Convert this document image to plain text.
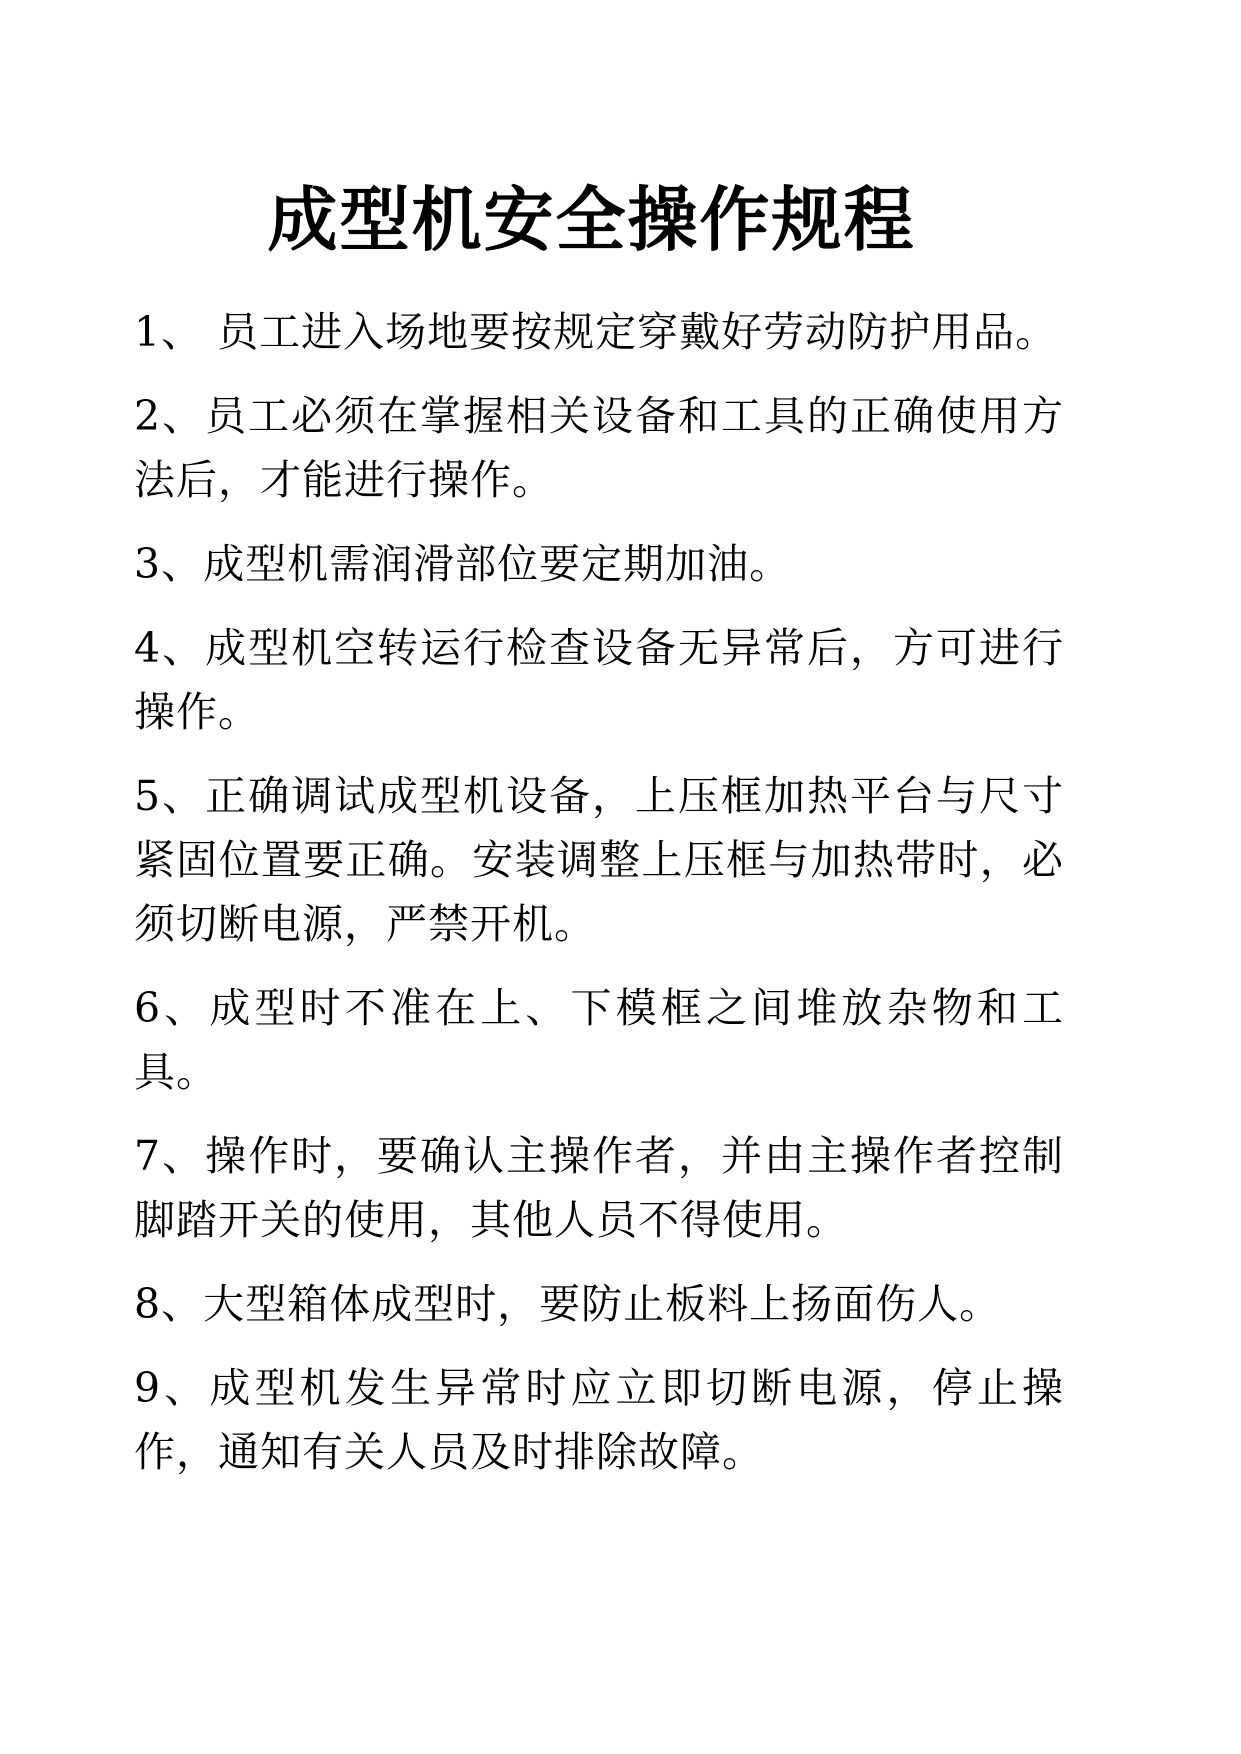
成型机安全操作规程

1、 员工进入场地要按规定穿戴好劳动防护用品。

2、员工必须在掌握相关设备和工具的正确使用方法后，才能进行操作。

3、成型机需润滑部位要定期加油。

4、成型机空转运行检查设备无异常后，方可进行操作。

5、正确调试成型机设备，上压框加热平台与尺寸紧固位置要正确。安装调整上压框与加热带时，必须切断电源，严禁开机。

6、成型时不准在上、下模框之间堆放杂物和工具。

7、操作时，要确认主操作者，并由主操作者控制脚踏开关的使用，其他人员不得使用。

8、大型箱体成型时，要防止板料上扬面伤人。

9、成型机发生异常时应立即切断电源，停止操作，通知有关人员及时排除故障。
